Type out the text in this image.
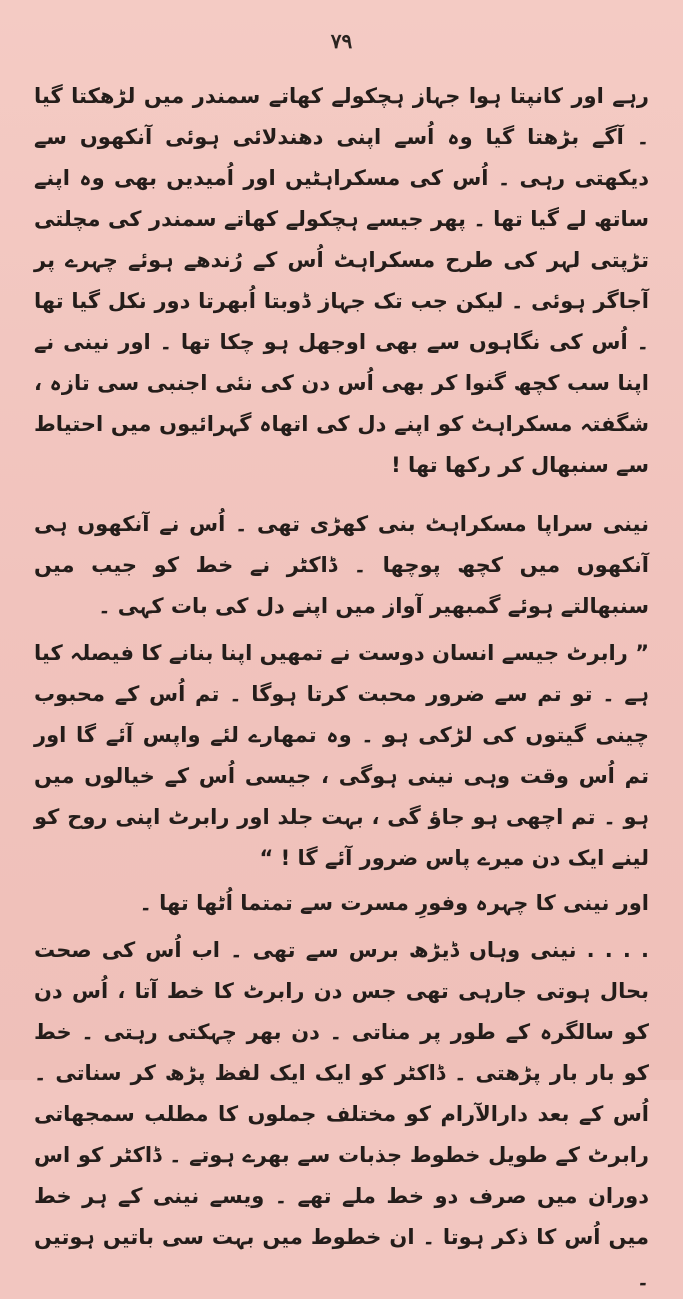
۷۹

رہے اور کانپتا ہوا جہاز ہچکولے کھاتے سمندر میں لڑھکتا گیا ۔ آگے بڑھتا گیا وہ اُسے اپنی دھندلائی ہوئی آنکھوں سے دیکھتی رہی ۔ اُس کی مسکراہٹیں اور اُمیدیں بھی وہ اپنے ساتھ لے گیا تھا ۔ پھر جیسے ہچکولے کھاتے سمندر کی مچلتی تڑپتی لہر کی طرح مسکراہٹ اُس کے رُندھے ہوئے چہرے پر آجاگر ہوئی ۔ لیکن جب تک جہاز ڈوبتا اُبھرتا دور نکل گیا تھا ۔ اُس کی نگاہوں سے بھی اوجھل ہو چکا تھا ۔ اور نینی نے اپنا سب کچھ گنوا کر بھی اُس دن کی نئی اجنبی سی تازہ ، شگفتہ مسکراہٹ کو اپنے دل کی اتھاہ گہرائیوں میں احتیاط سے سنبھال کر رکھا تھا !

نینی سراپا مسکراہٹ بنی کھڑی تھی ۔ اُس نے آنکھوں ہی آنکھوں میں کچھ پوچھا ۔ ڈاکٹر نے خط کو جیب میں سنبھالتے ہوئے گمبھیر آواز میں اپنے دل کی بات کہی ۔

” رابرٹ جیسے انسان دوست نے تمھیں اپنا بنانے کا فیصلہ کیا ہے ۔ تو تم سے ضرور محبت کرتا ہوگا ۔ تم اُس کے محبوب چینی گیتوں کی لڑکی ہو ۔ وہ تمھارے لئے واپس آئے گا اور تم اُس وقت وہی نینی ہوگی ، جیسی اُس کے خیالوں میں ہو ۔ تم اچھی ہو جاؤ گی ، بہت جلد اور رابرٹ اپنی روح کو لینے ایک دن میرے پاس ضرور آئے گا ! “

اور نینی کا چہرہ وفورِ مسرت سے تمتما اُٹھا تھا ۔

. . . . نینی وہاں ڈیڑھ برس سے تھی ۔ اب اُس کی صحت بحال ہوتی جارہی تھی جس دن رابرٹ کا خط آتا ، اُس دن کو سالگرہ کے طور پر مناتی ۔ دن بھر چہکتی رہتی ۔ خط کو بار بار پڑھتی ۔ ڈاکٹر کو ایک ایک لفظ پڑھ کر سناتی ۔ اُس کے بعد دارالآرام کو مختلف جملوں کا مطلب سمجھاتی رابرٹ کے طویل خطوط جذبات سے بھرے ہوتے ۔ ڈاکٹر کو اس دوران میں صرف دو خط ملے تھے ۔ ویسے نینی کے ہر خط میں اُس کا ذکر ہوتا ۔ ان خطوط میں بہت سی باتیں ہوتیں ۔
